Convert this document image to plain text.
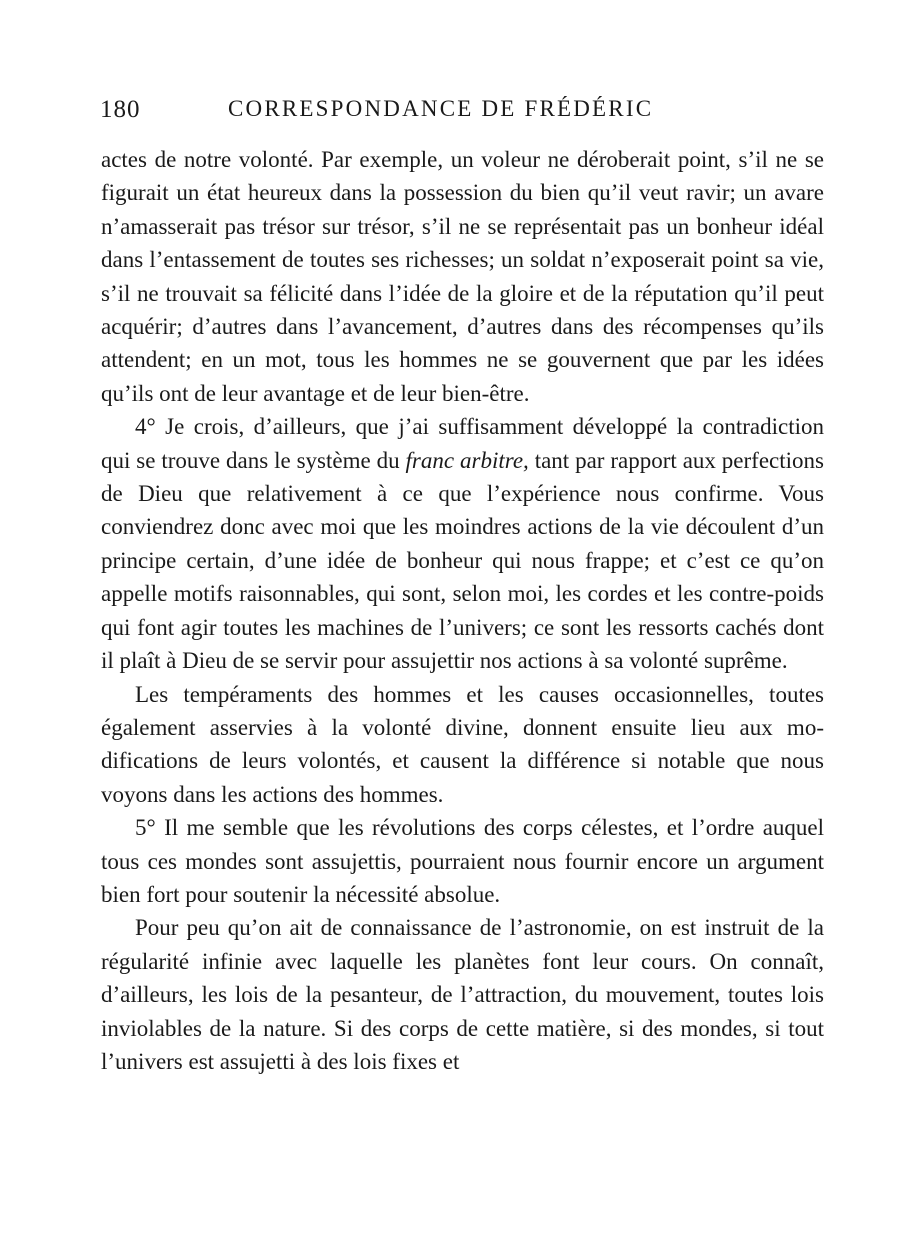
180	CORRESPONDANCE DE FRÉDÉRIC

actes de notre volonté. Par exemple, un voleur ne déroberait point, s’il ne se figurait un état heureux dans la possession du bien qu’il veut ravir; un avare n’amasserait pas trésor sur trésor, s’il ne se représentait pas un bonheur idéal dans l’entassement de toutes ses richesses; un soldat n’exposerait point sa vie, s’il ne trouvait sa félicité dans l’idée de la gloire et de la réputation qu’il peut acquérir; d’autres dans l’avancement, d’autres dans des récompenses qu’ils attendent; en un mot, tous les hommes ne se gouvernent que par les idées qu’ils ont de leur avantage et de leur bien-être.

4° Je crois, d’ailleurs, que j’ai suffisamment développé la contradiction qui se trouve dans le système du franc arbitre, tant par rapport aux perfections de Dieu que relativement à ce que l’expérience nous confirme. Vous conviendrez donc avec moi que les moindres actions de la vie découlent d’un principe certain, d’une idée de bonheur qui nous frappe; et c’est ce qu’on appelle motifs raisonnables, qui sont, selon moi, les cordes et les contre-poids qui font agir toutes les machines de l’univers; ce sont les ressorts cachés dont il plaît à Dieu de se servir pour assujettir nos actions à sa volonté suprême.

Les tempéraments des hommes et les causes occasionnelles, toutes également asservies à la volonté divine, donnent ensuite lieu aux modifications de leurs volontés, et causent la différence si notable que nous voyons dans les actions des hommes.

5° Il me semble que les révolutions des corps célestes, et l’ordre auquel tous ces mondes sont assujettis, pourraient nous fournir encore un argument bien fort pour soutenir la nécessité absolue.

Pour peu qu’on ait de connaissance de l’astronomie, on est instruit de la régularité infinie avec laquelle les planètes font leur cours. On connaît, d’ailleurs, les lois de la pesanteur, de l’attraction, du mouvement, toutes lois inviolables de la nature. Si des corps de cette matière, si des mondes, si tout l’univers est assujetti à des lois fixes et
